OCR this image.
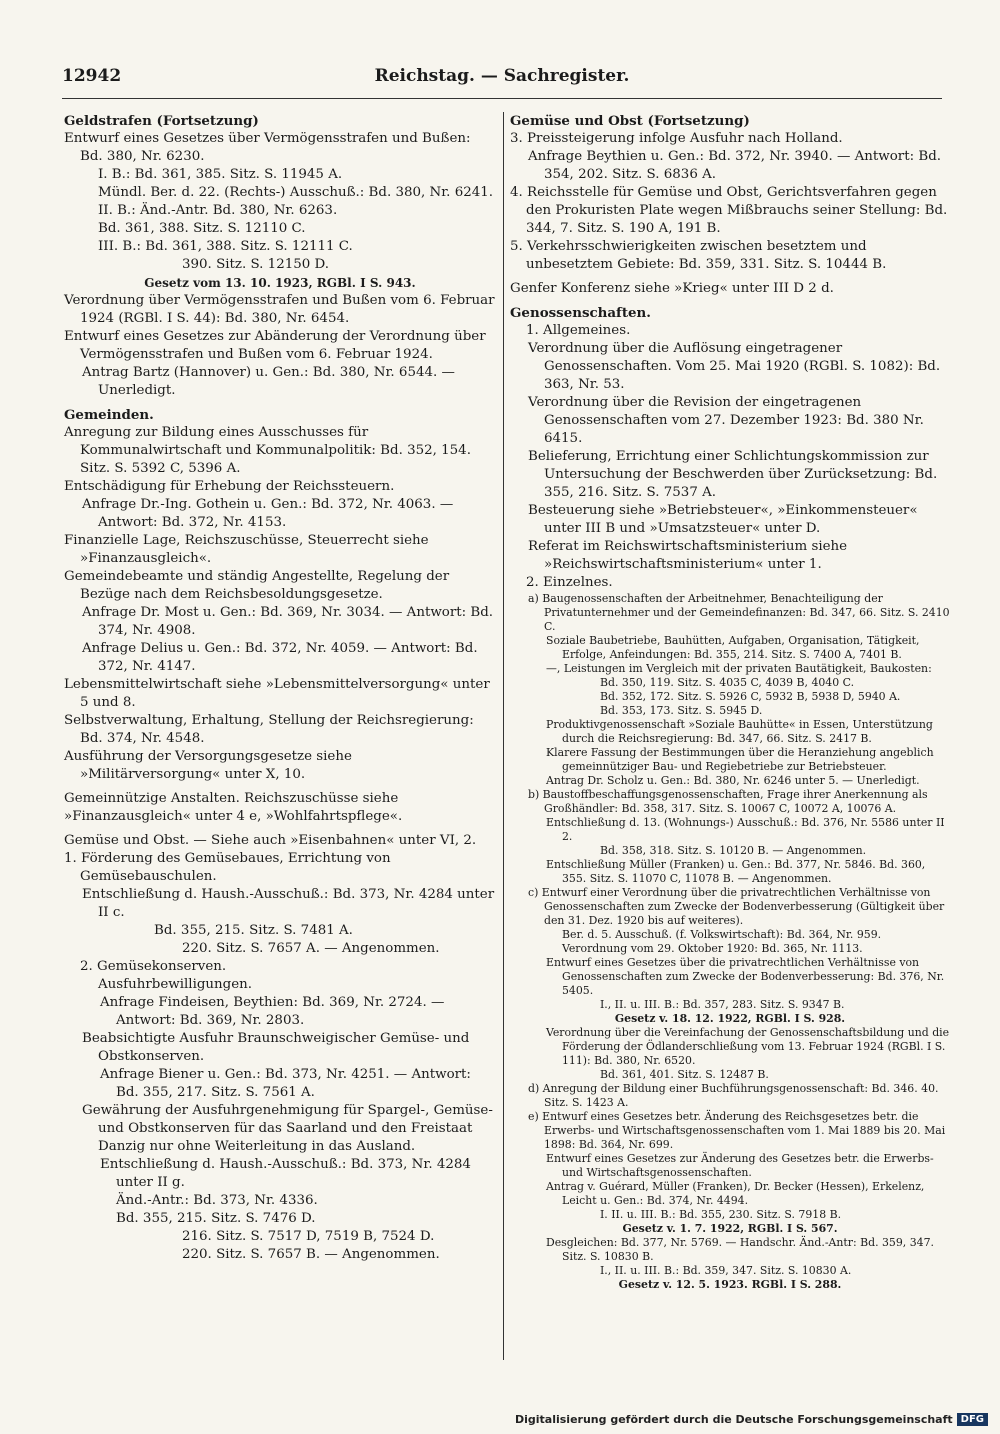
12942	Reichstag. — Sachregister.

Geldstrafen (Fortsetzung)

Entwurf eines Gesetzes über Vermögensstrafen und Bußen: Bd. 380, Nr. 6230.

I. B.: Bd. 361, 385. Sitz. S. 11945 A.

Mündl. Ber. d. 22. (Rechts-) Ausschuß.: Bd. 380, Nr. 6241.

II. B.: Änd.-Antr. Bd. 380, Nr. 6263.

Bd. 361, 388. Sitz. S. 12110 C.

III. B.: Bd. 361, 388. Sitz. S. 12111 C.

390. Sitz. S. 12150 D.

Gesetz vom 13. 10. 1923, RGBl. I S. 943.

Verordnung über Vermögensstrafen und Bußen vom 6. Februar 1924 (RGBl. I S. 44): Bd. 380, Nr. 6454.

Entwurf eines Gesetzes zur Abänderung der Verordnung über Vermögensstrafen und Bußen vom 6. Februar 1924.

Antrag Bartz (Hannover) u. Gen.: Bd. 380, Nr. 6544. — Unerledigt.

Gemeinden.

Anregung zur Bildung eines Ausschusses für Kommunalwirtschaft und Kommunalpolitik: Bd. 352, 154. Sitz. S. 5392 C, 5396 A.

Entschädigung für Erhebung der Reichssteuern.

Anfrage Dr.-Ing. Gothein u. Gen.: Bd. 372, Nr. 4063. — Antwort: Bd. 372, Nr. 4153.

Finanzielle Lage, Reichszuschüsse, Steuerrecht siehe »Finanzausgleich«.

Gemeindebeamte und ständig Angestellte, Regelung der Bezüge nach dem Reichsbesoldungsgesetze.

Anfrage Dr. Most u. Gen.: Bd. 369, Nr. 3034. — Antwort: Bd. 374, Nr. 4908.

Anfrage Delius u. Gen.: Bd. 372, Nr. 4059. — Antwort: Bd. 372, Nr. 4147.

Lebensmittelwirtschaft siehe »Lebensmittelversorgung« unter 5 und 8.

Selbstverwaltung, Erhaltung, Stellung der Reichsregierung: Bd. 374, Nr. 4548.

Ausführung der Versorgungsgesetze siehe »Militärversorgung« unter X, 10.

Gemeinnützige Anstalten. Reichszuschüsse siehe »Finanzausgleich« unter 4 e, »Wohlfahrtspflege«.

Gemüse und Obst. — Siehe auch »Eisenbahnen« unter VI, 2.

1. Förderung des Gemüsebaues, Errichtung von Gemüsebauschulen.

Entschließung d. Haush.-Ausschuß.: Bd. 373, Nr. 4284 unter II c.

Bd. 355, 215. Sitz. S. 7481 A.

220. Sitz. S. 7657 A. — Angenommen.

2. Gemüsekonserven.

Ausfuhrbewilligungen.

Anfrage Findeisen, Beythien: Bd. 369, Nr. 2724. — Antwort: Bd. 369, Nr. 2803.

Beabsichtigte Ausfuhr Braunschweigischer Gemüse- und Obstkonserven.

Anfrage Biener u. Gen.: Bd. 373, Nr. 4251. — Antwort: Bd. 355, 217. Sitz. S. 7561 A.

Gewährung der Ausfuhrgenehmigung für Spargel-, Gemüse- und Obstkonserven für das Saarland und den Freistaat Danzig nur ohne Weiterleitung in das Ausland.

Entschließung d. Haush.-Ausschuß.: Bd. 373, Nr. 4284 unter II g.

Änd.-Antr.: Bd. 373, Nr. 4336.

Bd. 355, 215. Sitz. S. 7476 D.

216. Sitz. S. 7517 D, 7519 B, 7524 D.

220. Sitz. S. 7657 B. — Angenommen.

Gemüse und Obst (Fortsetzung)

3. Preissteigerung infolge Ausfuhr nach Holland.

Anfrage Beythien u. Gen.: Bd. 372, Nr. 3940. — Antwort: Bd. 354, 202. Sitz. S. 6836 A.

4. Reichsstelle für Gemüse und Obst, Gerichtsverfahren gegen den Prokuristen Plate wegen Mißbrauchs seiner Stellung: Bd. 344, 7. Sitz. S. 190 A, 191 B.

5. Verkehrsschwierigkeiten zwischen besetztem und unbesetztem Gebiete: Bd. 359, 331. Sitz. S. 10444 B.

Genfer Konferenz siehe »Krieg« unter III D 2 d.

Genossenschaften.

1. Allgemeines.

Verordnung über die Auflösung eingetragener Genossenschaften. Vom 25. Mai 1920 (RGBl. S. 1082): Bd. 363, Nr. 53.

Verordnung über die Revision der eingetragenen Genossenschaften vom 27. Dezember 1923: Bd. 380 Nr. 6415.

Belieferung, Errichtung einer Schlichtungskommission zur Untersuchung der Beschwerden über Zurücksetzung: Bd. 355, 216. Sitz. S. 7537 A.

Besteuerung siehe »Betriebsteuer«, »Einkommensteuer« unter III B und »Umsatzsteuer« unter D.

Referat im Reichswirtschaftsministerium siehe »Reichswirtschaftsministerium« unter 1.

2. Einzelnes.

a) Baugenossenschaften der Arbeitnehmer, Benachteiligung der Privatunternehmer und der Gemeindefinanzen: Bd. 347, 66. Sitz. S. 2410 C.

Soziale Baubetriebe, Bauhütten, Aufgaben, Organisation, Tätigkeit, Erfolge, Anfeindungen: Bd. 355, 214. Sitz. S. 7400 A, 7401 B.

—, Leistungen im Vergleich mit der privaten Bautätigkeit, Baukosten:

Bd. 350, 119. Sitz. S. 4035 C, 4039 B, 4040 C.

Bd. 352, 172. Sitz. S. 5926 C, 5932 B, 5938 D, 5940 A.

Bd. 353, 173. Sitz. S. 5945 D.

Produktivgenossenschaft »Soziale Bauhütte« in Essen, Unterstützung durch die Reichsregierung: Bd. 347, 66. Sitz. S. 2417 B.

Klarere Fassung der Bestimmungen über die Heranziehung angeblich gemeinnütziger Bau- und Regiebetriebe zur Betriebsteuer.

Antrag Dr. Scholz u. Gen.: Bd. 380, Nr. 6246 unter 5. — Unerledigt.

b) Baustoffbeschaffungsgenossenschaften, Frage ihrer Anerkennung als Großhändler: Bd. 358, 317. Sitz. S. 10067 C, 10072 A, 10076 A.

Entschließung d. 13. (Wohnungs-) Ausschuß.: Bd. 376, Nr. 5586 unter II 2.

Bd. 358, 318. Sitz. S. 10120 B. — Angenommen.

Entschließung Müller (Franken) u. Gen.: Bd. 377, Nr. 5846. Bd. 360, 355. Sitz. S. 11070 C, 11078 B. — Angenommen.

c) Entwurf einer Verordnung über die privatrechtlichen Verhältnisse von Genossenschaften zum Zwecke der Bodenverbesserung (Gültigkeit über den 31. Dez. 1920 bis auf weiteres).

Ber. d. 5. Ausschuß. (f. Volkswirtschaft): Bd. 364, Nr. 959.

Verordnung vom 29. Oktober 1920: Bd. 365, Nr. 1113.

Entwurf eines Gesetzes über die privatrechtlichen Verhältnisse von Genossenschaften zum Zwecke der Bodenverbesserung: Bd. 376, Nr. 5405.

I., II. u. III. B.: Bd. 357, 283. Sitz. S. 9347 B.

Gesetz v. 18. 12. 1922, RGBl. I S. 928.

Verordnung über die Vereinfachung der Genossenschaftsbildung und die Förderung der Ödlanderschließung vom 13. Februar 1924 (RGBl. I S. 111): Bd. 380, Nr. 6520.

Bd. 361, 401. Sitz. S. 12487 B.

d) Anregung der Bildung einer Buchführungsgenossenschaft: Bd. 346. 40. Sitz. S. 1423 A.

e) Entwurf eines Gesetzes betr. Änderung des Reichsgesetzes betr. die Erwerbs- und Wirtschaftsgenossenschaften vom 1. Mai 1889 bis 20. Mai 1898: Bd. 364, Nr. 699.

Entwurf eines Gesetzes zur Änderung des Gesetzes betr. die Erwerbs- und Wirtschaftsgenossenschaften.

Antrag v. Guérard, Müller (Franken), Dr. Becker (Hessen), Erkelenz, Leicht u. Gen.: Bd. 374, Nr. 4494.

I. II. u. III. B.: Bd. 355, 230. Sitz. S. 7918 B.

Gesetz v. 1. 7. 1922, RGBl. I S. 567.

Desgleichen: Bd. 377, Nr. 5769. — Handschr. Änd.-Antr: Bd. 359, 347. Sitz. S. 10830 B.

I., II. u. III. B.: Bd. 359, 347. Sitz. S. 10830 A.

Gesetz v. 12. 5. 1923. RGBl. I S. 288.

Digitalisierung gefördert durch die Deutsche Forschungsgemeinschaft DFG
